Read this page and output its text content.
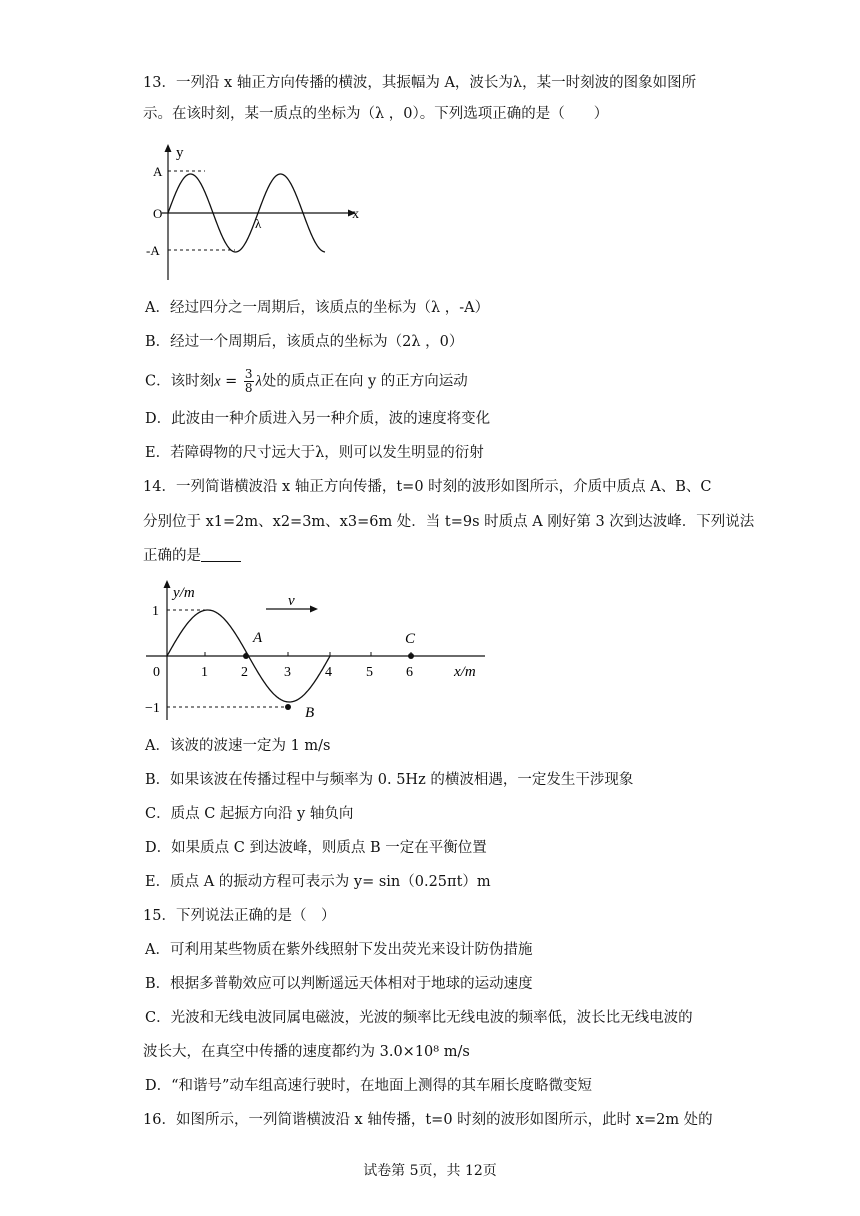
13．一列沿 x 轴正方向传播的横波，其振幅为 A，波长为λ，某一时刻波的图象如图所
示。在该时刻，某一质点的坐标为（λ ，0）。下列选项正确的是（　　）
y
x
A
O
-A
λ
A．经过四分之一周期后，该质点的坐标为（λ ，-A）
B．经过一个周期后，该质点的坐标为（2λ ，0）
C．该时刻$x = \frac{3}{8}$ λ处的质点正在向 y 的正方向运动
D．此波由一种介质进入另一种介质，波的速度将变化
E．若障碍物的尺寸远大于λ，则可以发生明显的衍射
14．一列简谐横波沿 x 轴正方向传播，t=0 时刻的波形如图所示，介质中质点 A、B、C
分别位于 x1=2m、x2=3m、x3=6m 处．当 t=9s 时质点 A 刚好第 3 次到达波峰．下列说法
正确的是
v
A
B
C
y/m
x/m
1
−1
0	1 2	3 4 5 6
A．该波的波速一定为 1 m/s
B．如果该波在传播过程中与频率为 0. 5Hz 的横波相遇，一定发生干涉现象
C．质点 C 起振方向沿 y 轴负向
D．如果质点 C 到达波峰，则质点 B 一定在平衡位置
E．质点 A 的振动方程可表示为 y= sin（0.25πt）m
15．下列说法正确的是（　）
A．可利用某些物质在紫外线照射下发出荧光来设计防伪措施
B．根据多普勒效应可以判断遥远天体相对于地球的运动速度
C．光波和无线电波同属电磁波，光波的频率比无线电波的频率低，波长比无线电波的
波长大，在真空中传播的速度都约为 3.0×10⁸ m/s
D．“和谐号”动车组高速行驶时，在地面上测得的其车厢长度略微变短
16．如图所示，一列简谐横波沿 x 轴传播，t=0 时刻的波形如图所示，此时 x=2m 处的
试卷第 5页，共 12页
